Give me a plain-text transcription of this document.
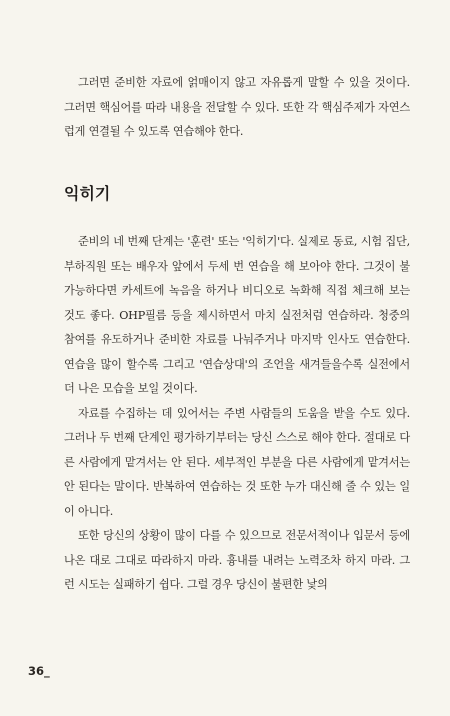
그러면 준비한 자료에 얽매이지 않고 자유롭게 말할 수 있을 것이다. 그러면 핵심어를 따라 내용을 전달할 수 있다. 또한 각 핵심주제가 자연스럽게 연결될 수 있도록 연습해야 한다.

익히기

준비의 네 번째 단계는 '훈련' 또는 '익히기'다. 실제로 동료, 시험 집단, 부하직원 또는 배우자 앞에서 두세 번 연습을 해 보아야 한다. 그것이 불가능하다면 카세트에 녹음을 하거나 비디오로 녹화해 직접 체크해 보는 것도 좋다. OHP필름 등을 제시하면서 마치 실전처럼 연습하라. 청중의 참여를 유도하거나 준비한 자료를 나눠주거나 마지막 인사도 연습한다. 연습을 많이 할수록 그리고 '연습상대'의 조언을 새겨들을수록 실전에서 더 나은 모습을 보일 것이다.

자료를 수집하는 데 있어서는 주변 사람들의 도움을 받을 수도 있다. 그러나 두 번째 단계인 평가하기부터는 당신 스스로 해야 한다. 절대로 다른 사람에게 맡겨서는 안 된다. 세부적인 부분을 다른 사람에게 맡겨서는 안 된다는 말이다. 반복하여 연습하는 것 또한 누가 대신해 줄 수 있는 일이 아니다.

또한 당신의 상황이 많이 다를 수 있으므로 전문서적이나 입문서 등에 나온 대로 그대로 따라하지 마라. 흉내를 내려는 노력조차 하지 마라. 그런 시도는 실패하기 쉽다. 그럴 경우 당신이 불편한 낯의

36_
